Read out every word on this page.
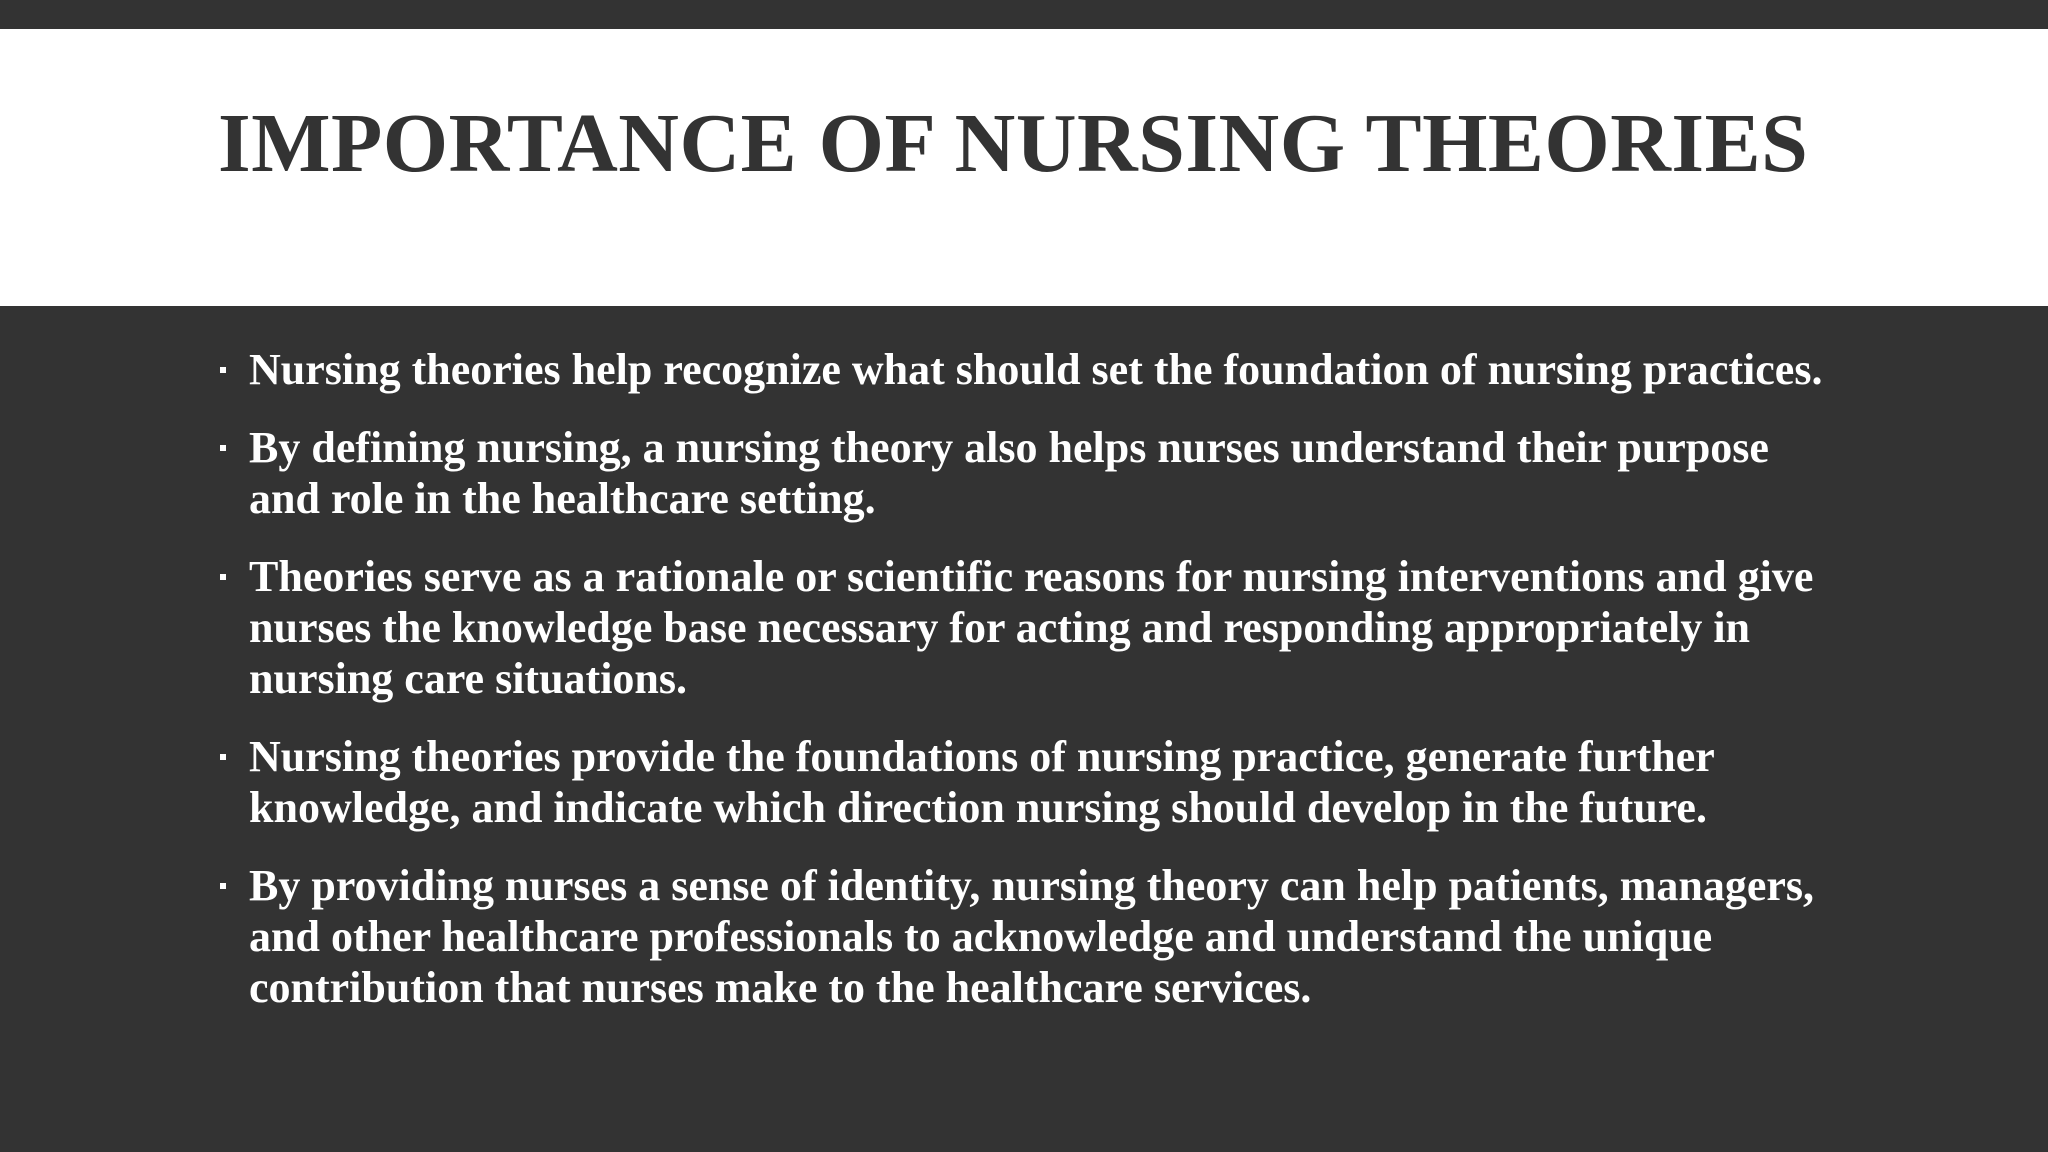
IMPORTANCE OF NURSING THEORIES
Nursing theories help recognize what should set the foundation of nursing practices.
By defining nursing, a nursing theory also helps nurses understand their purpose and role in the healthcare setting.
Theories serve as a rationale or scientific reasons for nursing interventions and give nurses the knowledge base necessary for acting and responding appropriately in nursing care situations.
Nursing theories provide the foundations of nursing practice, generate further knowledge, and indicate which direction nursing should develop in the future.
By providing nurses a sense of identity, nursing theory can help patients, managers, and other healthcare professionals to acknowledge and understand the unique contribution that nurses make to the healthcare services.
